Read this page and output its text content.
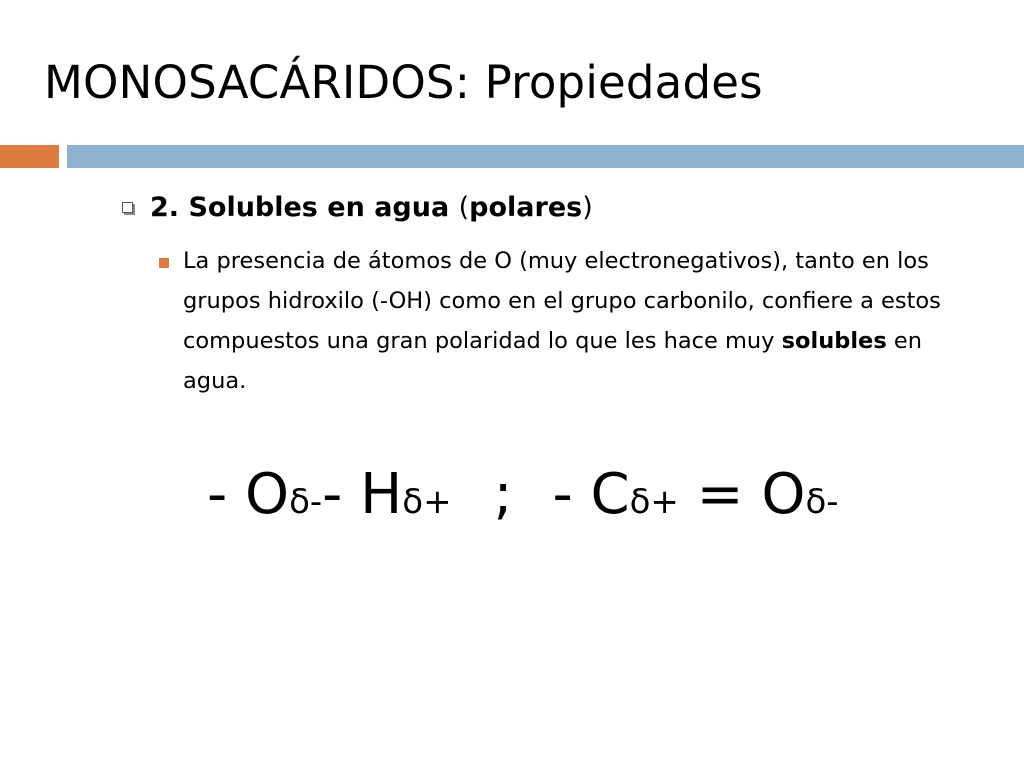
MONOSACÁRIDOS: Propiedades
2. Solubles en agua (polares)
La presencia de átomos de O (muy electronegativos), tanto en los grupos hidroxilo (-OH) como en el grupo carbonilo, confiere a estos compuestos una gran polaridad lo que les hace muy solubles en agua.
- O δ- - H δ+ ; - C δ+ = O δ-
